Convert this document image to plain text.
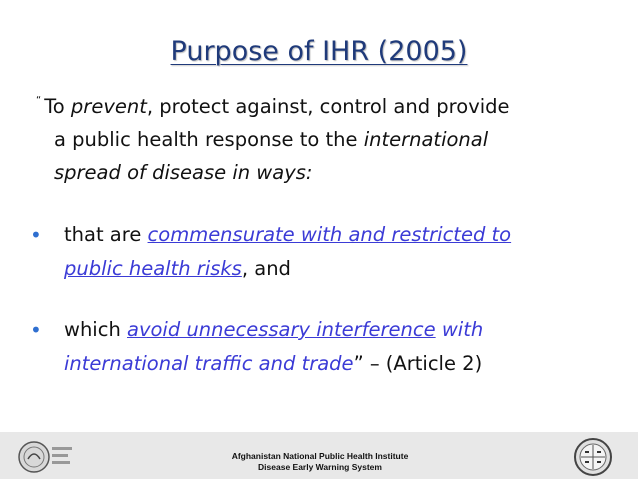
Purpose of IHR (2005)
“ To prevent, protect against, control and provide
a public health response to the international
spread of disease in ways:
•	that are commensurate with and restricted to
public health risks, and
•	which avoid unnecessary interference with
international traffic and trade” – (Article 2)
Afghanistan National Public Health Institute
Disease Early Warning System
